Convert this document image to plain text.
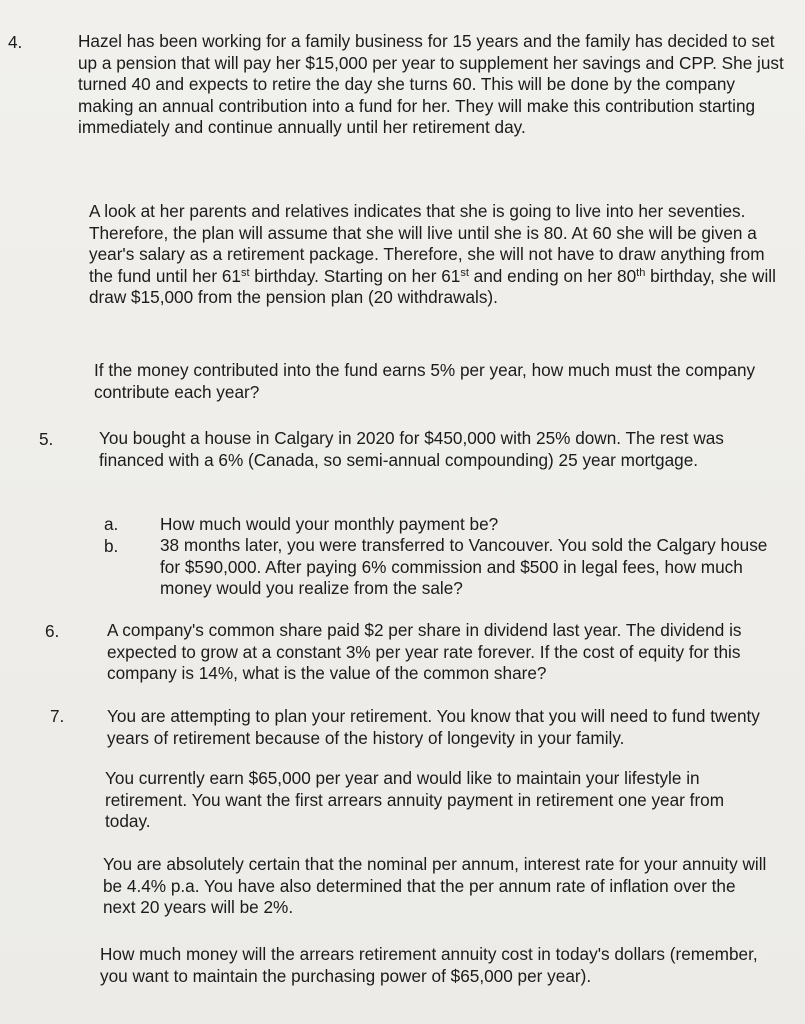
4.	Hazel has been working for a family business for 15 years and the family has decided to set up a pension that will pay her $15,000 per year to supplement her savings and CPP. She just turned 40 and expects to retire the day she turns 60. This will be done by the company making an annual contribution into a fund for her. They will make this contribution starting immediately and continue annually until her retirement day.

A look at her parents and relatives indicates that she is going to live into her seventies. Therefore, the plan will assume that she will live until she is 80. At 60 she will be given a year's salary as a retirement package. Therefore, she will not have to draw anything from the fund until her 61st birthday. Starting on her 61st and ending on her 80th birthday, she will draw $15,000 from the pension plan (20 withdrawals).

If the money contributed into the fund earns 5% per year, how much must the company contribute each year?

5.	You bought a house in Calgary in 2020 for $450,000 with 25% down. The rest was financed with a 6% (Canada, so semi-annual compounding) 25 year mortgage.

a. How much would your monthly payment be?

b. 38 months later, you were transferred to Vancouver. You sold the Calgary house for $590,000. After paying 6% commission and $500 in legal fees, how much money would you realize from the sale?

6.	A company's common share paid $2 per share in dividend last year. The dividend is expected to grow at a constant 3% per year rate forever. If the cost of equity for this company is 14%, what is the value of the common share?

7. You are attempting to plan your retirement. You know that you will need to fund twenty years of retirement because of the history of longevity in your family.

You currently earn $65,000 per year and would like to maintain your lifestyle in retirement. You want the first arrears annuity payment in retirement one year from today.

You are absolutely certain that the nominal per annum, interest rate for your annuity will be 4.4% p.a. You have also determined that the per annum rate of inflation over the next 20 years will be 2%.

How much money will the arrears retirement annuity cost in today's dollars (remember, you want to maintain the purchasing power of $65,000 per year).
